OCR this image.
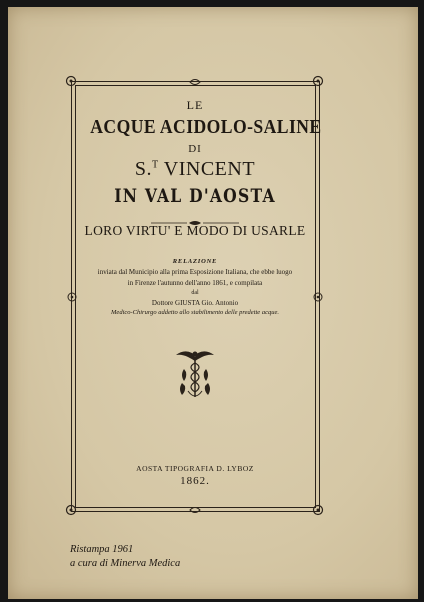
LE
ACQUE ACIDOLO-SALINE
DI
S.$^T$ VINCENT
IN VAL D'AOSTA
LORO VIRTU' E MODO DI USARLE
RELAZIONE
inviata dal Municipio alla prima Esposizione Italiana, che ebbe luogo
in Firenze l'autunno dell'anno 1861, e compilata
dal
Dottore GIUSTA Gio. Antonio
Medico-Chirurgo addetto allo stabilimento delle predette acque.
AOSTA TIPOGRAFIA D. LYBOZ
1862.
Ristampa 1961
a cura di Minerva Medica
